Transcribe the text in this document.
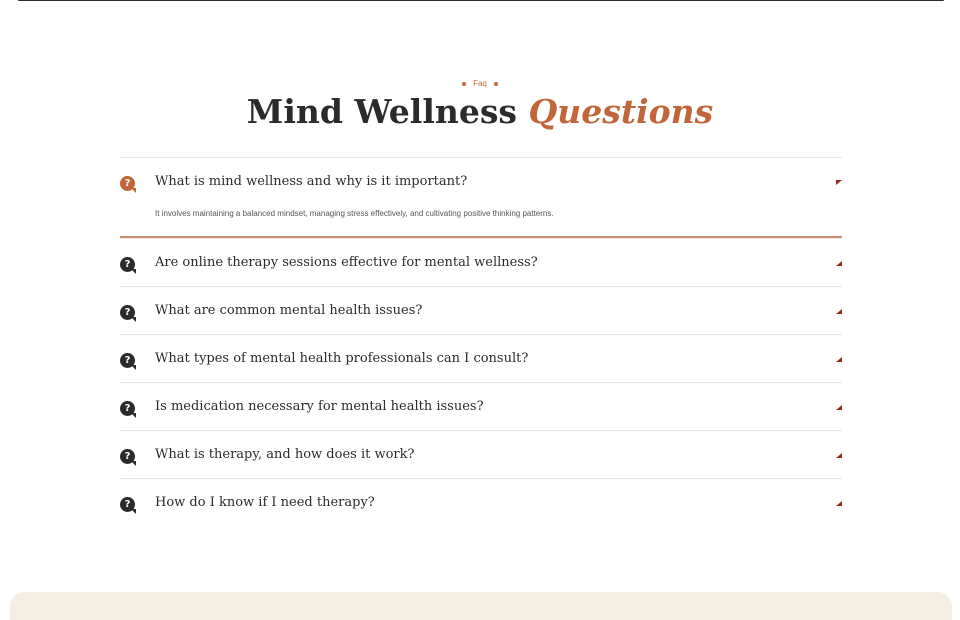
Faq
Mind Wellness Questions
?	What is mind wellness and why is it important?
It involves maintaining a balanced mindset, managing stress effectively, and cultivating positive thinking patterns.
?	Are online therapy sessions effective for mental wellness?
?	What are common mental health issues?
?	What types of mental health professionals can I consult?
?	Is medication necessary for mental health issues?
?	What is therapy, and how does it work?
?	How do I know if I need therapy?
